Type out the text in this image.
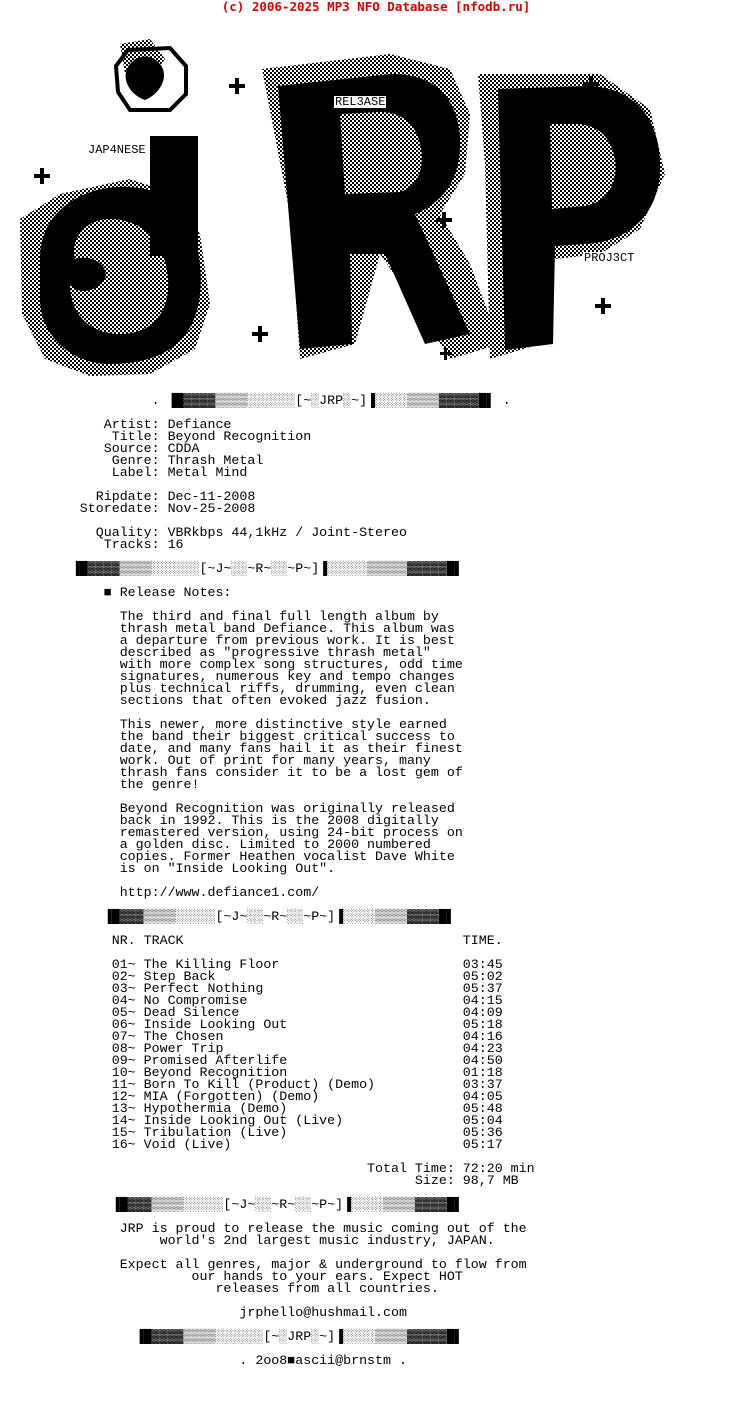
(c) 2006-2025 MP3 NFO Database [nfodb.ru]
REL3ASE
JAP4NESE
PROJ3CT
. ▐█▓▓▓▓▒▒▒▒░░░░░░[~░JRP░~]▐░░░░▒▒▒▒▓▓▓▓▓█▌ .

Artist: Defiance
Title: Beyond Recognition
Source: CDDA
Genre: Thrash Metal
Label: Metal Mind

Ripdate: Dec-11-2008
Storedate: Nov-25-2008

Quality: VBRkbps 44,1kHz / Joint-Stereo
Tracks: 16

▐█▓▓▓▓▒▒▒▒░░░░░░[~J~░░~R~░░~P~]▐░░░░░▒▒▒▒▒▓▓▓▓▓█▌

■ Release Notes:

The third and final full length album by
thrash metal band Defiance. This album was
a departure from previous work. It is best
described as "progressive thrash metal"
with more complex song structures, odd time
signatures, numerous key and tempo changes
plus technical riffs, drumming, even clean
sections that often evoked jazz fusion.

This newer, more distinctive style earned
the band their biggest critical success to
date, and many fans hail it as their finest
work. Out of print for many years, many
thrash fans consider it to be a lost gem of
the genre!

Beyond Recognition was originally released
back in 1992. This is the 2008 digitally
remastered version, using 24-bit process on
a golden disc. Limited to 2000 numbered
copies. Former Heathen vocalist Dave White
is on "Inside Looking Out".

http://www.defiance1.com/

▐█▓▓▓▒▒▒▒░░░░░[~J~░░~R~░░~P~]▐░░░░▒▒▒▒▓▓▓▓█▌

NR. TRACK                                   TIME.

01~ The Killing Floor                       03:45
02~ Step Back                               05:02
03~ Perfect Nothing                         05:37
04~ No Compromise                           04:15
05~ Dead Silence                            04:09
06~ Inside Looking Out                      05:18
07~ The Chosen                              04:16
08~ Power Trip                              04:23
09~ Promised Afterlife                      04:50
10~ Beyond Recognition                      01:18
11~ Born To Kill (Product) (Demo)           03:37
12~ MIA (Forgotten) (Demo)                  04:05
13~ Hypothermia (Demo)                      05:48
14~ Inside Looking Out (Live)               05:04
15~ Tribulation (Live)                      05:36
16~ Void (Live)                             05:17

Total Time: 72:20 min
Size: 98,7 MB

▐█▓▓▓▒▒▒▒░░░░░[~J~░░~R~░░~P~]▐░░░░▒▒▒▒▓▓▓▓█▌

JRP is proud to release the music coming out of the
world's 2nd largest music industry, JAPAN.

Expect all genres, major & underground to flow from
our hands to your ears. Expect HOT
releases from all countries.

jrphello@hushmail.com

▐█▓▓▓▓▒▒▒▒░░░░░░[~░JRP░~]▐░░░░▒▒▒▒▓▓▓▓▓█▌

. 2oo8■ascii@brnstm .
